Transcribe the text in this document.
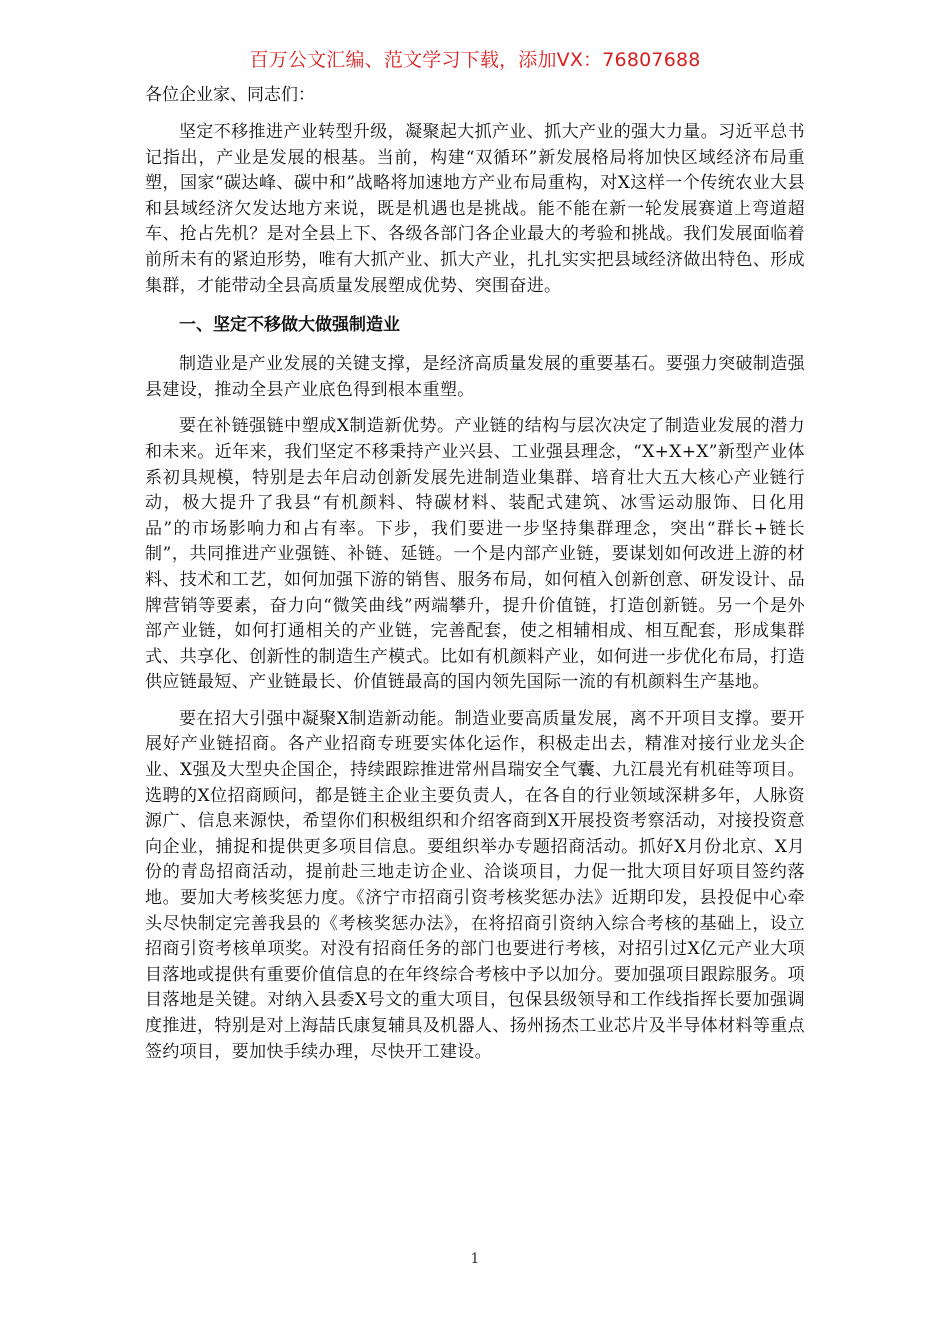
百万公文汇编、范文学习下载，添加VX：76807688

各位企业家、同志们：

坚定不移推进产业转型升级，凝聚起大抓产业、抓大产业的强大力量。习近平总书记指出，产业是发展的根基。当前，构建“双循环”新发展格局将加快区域经济布局重塑，国家“碳达峰、碳中和”战略将加速地方产业布局重构，对X这样一个传统农业大县和县域经济欠发达地方来说，既是机遇也是挑战。能不能在新一轮发展赛道上弯道超车、抢占先机？是对全县上下、各级各部门各企业最大的考验和挑战。我们发展面临着前所未有的紧迫形势，唯有大抓产业、抓大产业，扎扎实实把县域经济做出特色、形成集群，才能带动全县高质量发展塑成优势、突围奋进。

一、坚定不移做大做强制造业

制造业是产业发展的关键支撑，是经济高质量发展的重要基石。要强力突破制造强县建设，推动全县产业底色得到根本重塑。

要在补链强链中塑成X制造新优势。产业链的结构与层次决定了制造业发展的潜力和未来。近年来，我们坚定不移秉持产业兴县、工业强县理念，“X+X+X”新型产业体系初具规模，特别是去年启动创新发展先进制造业集群、培育壮大五大核心产业链行动，极大提升了我县“有机颜料、特碳材料、装配式建筑、冰雪运动服饰、日化用品”的市场影响力和占有率。下步，我们要进一步坚持集群理念，突出“群长+链长制”，共同推进产业强链、补链、延链。一个是内部产业链，要谋划如何改进上游的材料、技术和工艺，如何加强下游的销售、服务布局，如何植入创新创意、研发设计、品牌营销等要素，奋力向“微笑曲线”两端攀升，提升价值链，打造创新链。另一个是外部产业链，如何打通相关的产业链，完善配套，使之相辅相成、相互配套，形成集群式、共享化、创新性的制造生产模式。比如有机颜料产业，如何进一步优化布局，打造供应链最短、产业链最长、价值链最高的国内领先国际一流的有机颜料生产基地。

要在招大引强中凝聚X制造新动能。制造业要高质量发展，离不开项目支撑。要开展好产业链招商。各产业招商专班要实体化运作，积极走出去，精准对接行业龙头企业、X强及大型央企国企，持续跟踪推进常州昌瑞安全气囊、九江晨光有机硅等项目。选聘的X位招商顾问，都是链主企业主要负责人，在各自的行业领域深耕多年，人脉资源广、信息来源快，希望你们积极组织和介绍客商到X开展投资考察活动，对接投资意向企业，捕捉和提供更多项目信息。要组织举办专题招商活动。抓好X月份北京、X月份的青岛招商活动，提前赴三地走访企业、洽谈项目，力促一批大项目好项目签约落地。要加大考核奖惩力度。《济宁市招商引资考核奖惩办法》近期印发，县投促中心牵头尽快制定完善我县的《考核奖惩办法》，在将招商引资纳入综合考核的基础上，设立招商引资考核单项奖。对没有招商任务的部门也要进行考核，对招引过X亿元产业大项目落地或提供有重要价值信息的在年终综合考核中予以加分。要加强项目跟踪服务。项目落地是关键。对纳入县委X号文的重大项目，包保县级领导和工作线指挥长要加强调度推进，特别是对上海喆氏康复辅具及机器人、扬州扬杰工业芯片及半导体材料等重点签约项目，要加快手续办理，尽快开工建设。

1
